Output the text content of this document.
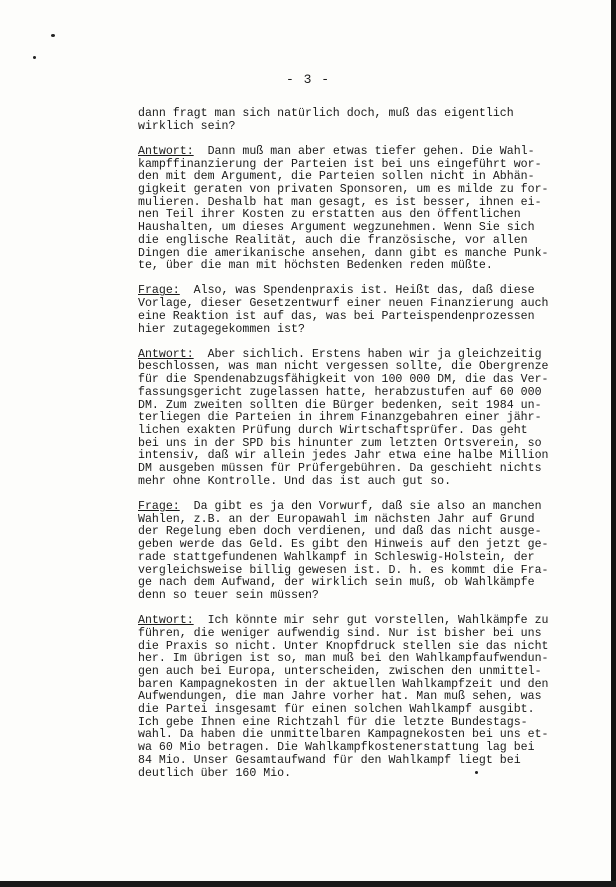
- 3 -
dann fragt man sich natürlich doch, muß das eigentlich
wirklich sein?
Antwort:  Dann muß man aber etwas tiefer gehen. Die Wahl-
kampffinanzierung der Parteien ist bei uns eingeführt wor-
den mit dem Argument, die Parteien sollen nicht in Abhän-
gigkeit geraten von privaten Sponsoren, um es milde zu for-
mulieren. Deshalb hat man gesagt, es ist besser, ihnen ei-
nen Teil ihrer Kosten zu erstatten aus den öffentlichen
Haushalten, um dieses Argument wegzunehmen. Wenn Sie sich
die englische Realität, auch die französische, vor allen
Dingen die amerikanische ansehen, dann gibt es manche Punk-
te, über die man mit höchsten Bedenken reden müßte.
Frage:  Also, was Spendenpraxis ist. Heißt das, daß diese
Vorlage, dieser Gesetzentwurf einer neuen Finanzierung auch
eine Reaktion ist auf das, was bei Parteispendenprozessen
hier zutagegekommen ist?
Antwort:  Aber sichlich. Erstens haben wir ja gleichzeitig
beschlossen, was man nicht vergessen sollte, die Obergrenze
für die Spendenabzugsfähigkeit von 100 000 DM, die das Ver-
fassungsgericht zugelassen hatte, herabzustufen auf 60 000
DM. Zum zweiten sollten die Bürger bedenken, seit 1984 un-
terliegen die Parteien in ihrem Finanzgebahren einer jähr-
lichen exakten Prüfung durch Wirtschaftsprüfer. Das geht
bei uns in der SPD bis hinunter zum letzten Ortsverein, so
intensiv, daß wir allein jedes Jahr etwa eine halbe Million
DM ausgeben müssen für Prüfergebühren. Da geschieht nichts
mehr ohne Kontrolle. Und das ist auch gut so.
Frage:  Da gibt es ja den Vorwurf, daß sie also an manchen
Wahlen, z.B. an der Europawahl im nächsten Jahr auf Grund
der Regelung eben doch verdienen, und daß das nicht ausge-
geben werde das Geld. Es gibt den Hinweis auf den jetzt ge-
rade stattgefundenen Wahlkampf in Schleswig-Holstein, der
vergleichsweise billig gewesen ist. D. h. es kommt die Fra-
ge nach dem Aufwand, der wirklich sein muß, ob Wahlkämpfe
denn so teuer sein müssen?
Antwort:  Ich könnte mir sehr gut vorstellen, Wahlkämpfe zu
führen, die weniger aufwendig sind. Nur ist bisher bei uns
die Praxis so nicht. Unter Knopfdruck stellen sie das nicht
her. Im übrigen ist so, man muß bei den Wahlkampfaufwendun-
gen auch bei Europa, unterscheiden, zwischen den unmittel-
baren Kampagnekosten in der aktuellen Wahlkampfzeit und den
Aufwendungen, die man Jahre vorher hat. Man muß sehen, was
die Partei insgesamt für einen solchen Wahlkampf ausgibt.
Ich gebe Ihnen eine Richtzahl für die letzte Bundestags-
wahl. Da haben die unmittelbaren Kampagnekosten bei uns et-
wa 60 Mio betragen. Die Wahlkampfkostenerstattung lag bei
84 Mio. Unser Gesamtaufwand für den Wahlkampf liegt bei
deutlich über 160 Mio.
